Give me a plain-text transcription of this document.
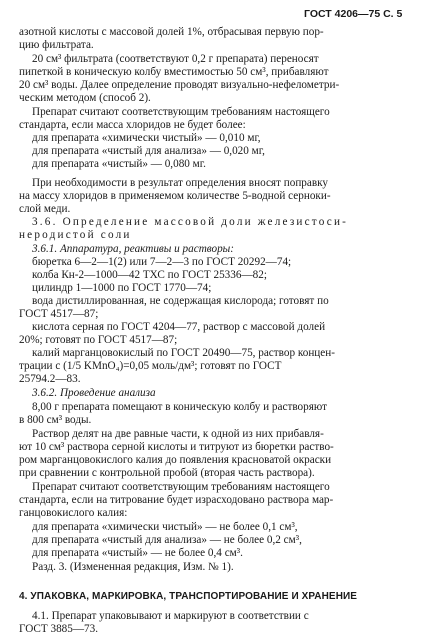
ГОСТ 4206—75 С. 5
азотной кислоты с массовой долей 1%, отбрасывая первую пор-
цию фильтрата.
20 см³ фильтрата (соответствуют 0,2 г препарата) переносят
пипеткой в коническую колбу вместимостью 50 см³, прибавляют
20 см³ воды. Далее определение проводят визуально-нефелометри-
ческим методом (способ 2).
Препарат считают соответствующим требованиям настоящего
стандарта, если масса хлоридов не будет более:
для препарата «химически чистый» — 0,010 мг,
для препарата «чистый для анализа» — 0,020 мг,
для препарата «чистый» — 0,080 мг.
При необходимости в результат определения вносят поправку
на массу хлоридов в применяемом количестве 5-водной серноки-
слой меди.
3.6. Определение массовой доли железистоси-
неродистой соли
3.6.1. Аппаратура, реактивы и растворы:
бюретка 6—2—1(2) или 7—2—3 по ГОСТ 20292—74;
колба Кн-2—1000—42 ТХС по ГОСТ 25336—82;
цилиндр 1—1000 по ГОСТ 1770—74;
вода дистиллированная, не содержащая кислорода; готовят по
ГОСТ 4517—87;
кислота серная по ГОСТ 4204—77, раствор с массовой долей
20%; готовят по ГОСТ 4517—87;
калий марганцовокислый по ГОСТ 20490—75, раствор концен-
трации с (1/5 KMnO₄)=0,05 моль/дм³; готовят по ГОСТ
25794.2—83.
3.6.2. Проведение анализа
8,00 г препарата помещают в коническую колбу и растворяют
в 800 см³ воды.
Раствор делят на две равные части, к одной из них прибавля-
ют 10 см³ раствора серной кислоты и титруют из бюретки раство-
ром марганцовокислого калия до появления красноватой окраски
при сравнении с контрольной пробой (вторая часть раствора).
Препарат считают соответствующим требованиям настоящего
стандарта, если на титрование будет израсходовано раствора мар-
ганцовокислого калия:
для препарата «химически чистый» — не более 0,1 см³,
для препарата «чистый для анализа» — не более 0,2 см³,
для препарата «чистый» — не более 0,4 см³.
Разд. 3. (Измененная редакция, Изм. № 1).
4. УПАКОВКА, МАРКИРОВКА, ТРАНСПОРТИРОВАНИЕ И ХРАНЕНИЕ
4.1. Препарат упаковывают и маркируют в соответствии с
ГОСТ 3885—73.
